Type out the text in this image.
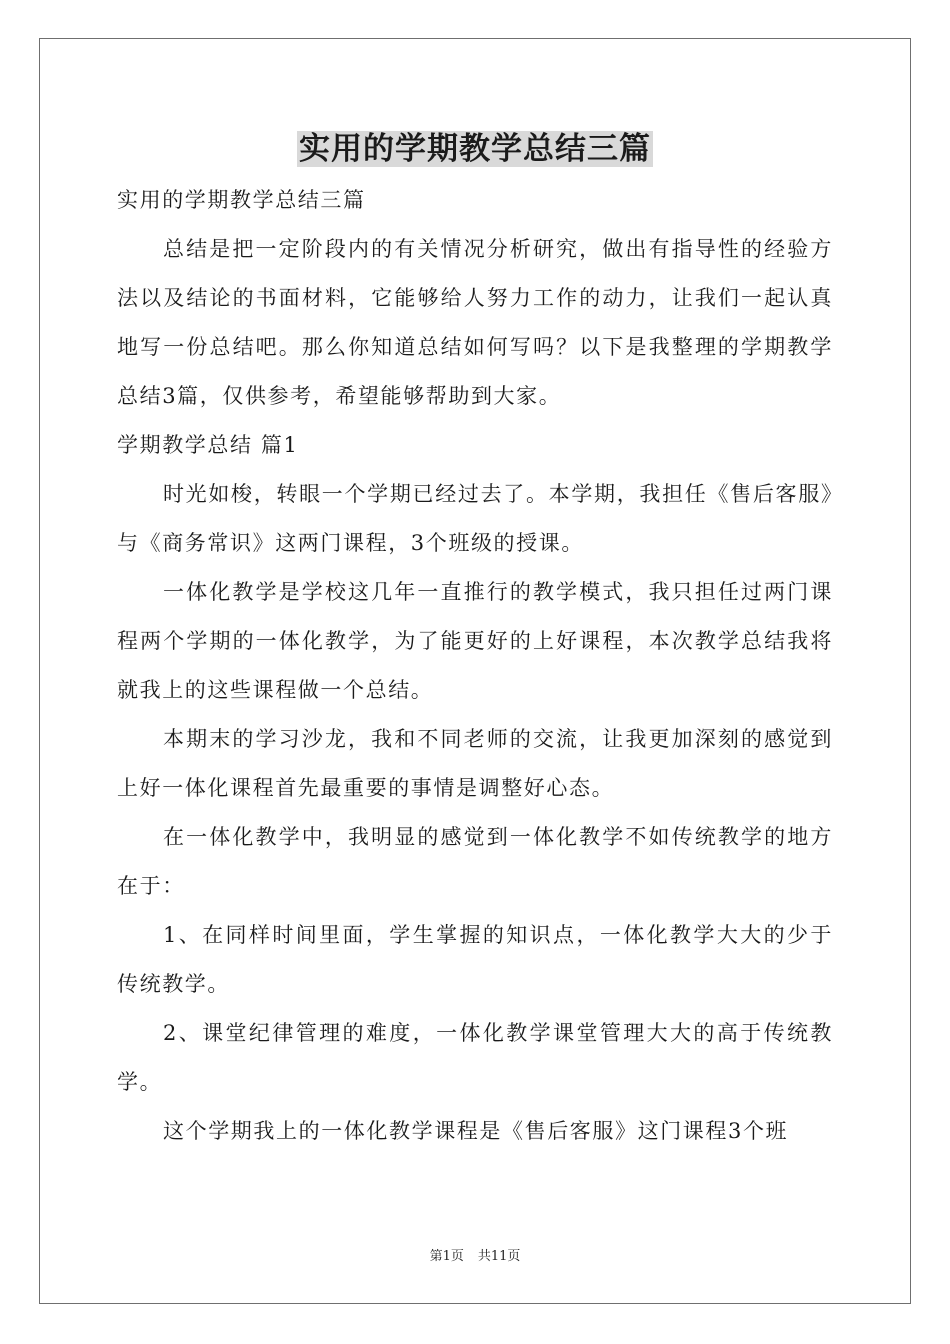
实用的学期教学总结三篇

实用的学期教学总结三篇

总结是把一定阶段内的有关情况分析研究，做出有指导性的经验方法以及结论的书面材料，它能够给人努力工作的动力，让我们一起认真地写一份总结吧。那么你知道总结如何写吗？以下是我整理的学期教学总结3篇，仅供参考，希望能够帮助到大家。

学期教学总结 篇1

时光如梭，转眼一个学期已经过去了。本学期，我担任《售后客服》与《商务常识》这两门课程，3个班级的授课。

一体化教学是学校这几年一直推行的教学模式，我只担任过两门课程两个学期的一体化教学，为了能更好的上好课程，本次教学总结我将就我上的这些课程做一个总结。

本期末的学习沙龙，我和不同老师的交流，让我更加深刻的感觉到上好一体化课程首先最重要的事情是调整好心态。

在一体化教学中，我明显的感觉到一体化教学不如传统教学的地方在于：

1、在同样时间里面，学生掌握的知识点，一体化教学大大的少于传统教学。

2、课堂纪律管理的难度，一体化教学课堂管理大大的高于传统教学。

这个学期我上的一体化教学课程是《售后客服》这门课程3个班

第1页 共11页
